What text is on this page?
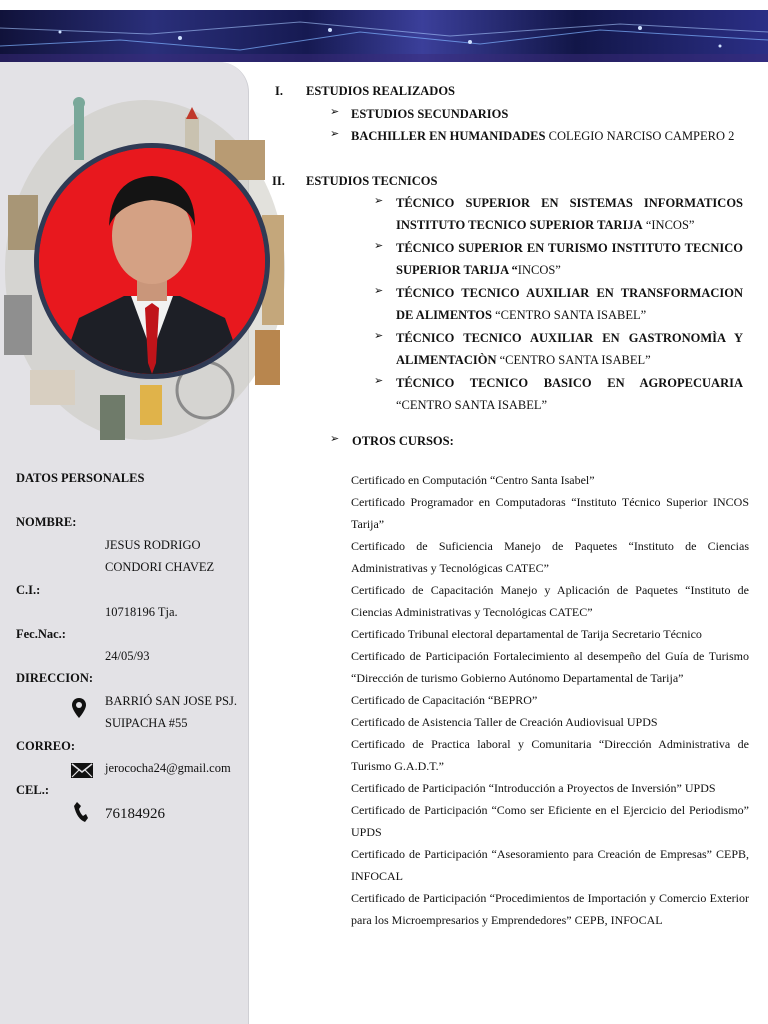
DATOS PERSONALES
NOMBRE:
JESUS RODRIGO
CONDORI CHAVEZ
C.I.:
10718196 Tja.
Fec.Nac.:
24/05/93
DIRECCION:
BARRIÓ SAN JOSE PSJ.
SUIPACHA #55
CORREO:
jerocochа24@gmail.com
CEL.:
76184926
I. ESTUDIOS REALIZADOS
➢ ESTUDIOS SECUNDARIOS
➢ BACHILLER EN HUMANIDADES COLEGIO NARCISO CAMPERO 2
II. ESTUDIOS TECNICOS
➢ TÉCNICO SUPERIOR EN SISTEMAS INFORMATICOS INSTITUTO TECNICO SUPERIOR TARIJA “INCOS”
➢ TÉCNICO SUPERIOR EN TURISMO INSTITUTO TECNICO SUPERIOR TARIJA “INCOS”
➢ TÉCNICO TECNICO AUXILIAR EN TRANSFORMACION DE ALIMENTOS “CENTRO SANTA ISABEL”
➢ TÉCNICO TECNICO AUXILIAR EN GASTRONOMÌA Y ALIMENTACIÒN “CENTRO SANTA ISABEL”
➢ TÉCNICO TECNICO BASICO EN AGROPECUARIA “CENTRO SANTA ISABEL”
➢ OTROS CURSOS:
Certificado en Computación “Centro Santa Isabel”
Certificado Programador en Computadoras “Instituto Técnico Superior INCOS Tarija”
Certificado de Suficiencia Manejo de Paquetes “Instituto de Ciencias Administrativas y Tecnológicas CATEC”
Certificado de Capacitación Manejo y Aplicación de Paquetes “Instituto de Ciencias Administrativas y Tecnológicas CATEC”
Certificado Tribunal electoral departamental de Tarija Secretario Técnico
Certificado de Participación Fortalecimiento al desempeño del Guía de Turismo “Dirección de turismo Gobierno Autónomo Departamental de Tarija”
Certificado de Capacitación “BEPRO”
Certificado de Asistencia Taller de Creación Audiovisual UPDS
Certificado de Practica laboral y Comunitaria “Dirección Administrativa de Turismo G.A.D.T.”
Certificado de Participación “Introducción a Proyectos de Inversión” UPDS
Certificado de Participación “Como ser Eficiente en el Ejercicio del Periodismo” UPDS
Certificado de Participación “Asesoramiento para Creación de Empresas” CEPB, INFOCAL
Certificado de Participación “Procedimientos de Importación y Comercio Exterior para los Microempresarios y Emprendedores” CEPB, INFOCAL
